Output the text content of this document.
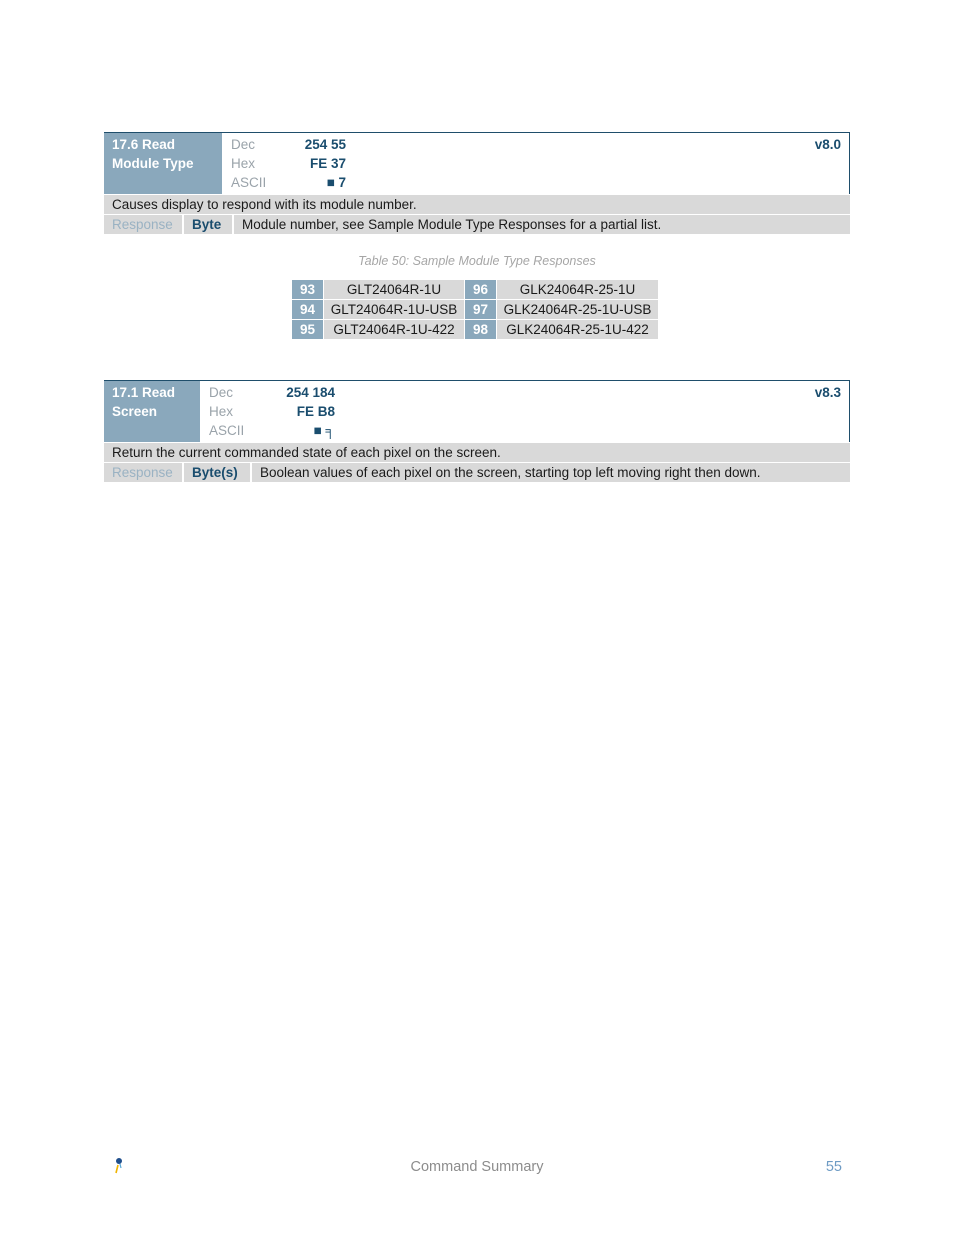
17.6 Read Module Type
Dec	254 55
Hex	FE 37
ASCII	■ 7
v8.0
Causes display to respond with its module number.
Response	Byte	Module number, see Sample Module Type Responses for a partial list.
Table 50: Sample Module Type Responses
93	GLT24064R-1U	96	GLK24064R-25-1U
94	GLT24064R-1U-USB	97	GLK24064R-25-1U-USB
95	GLT24064R-1U-422	98	GLK24064R-25-1U-422
17.1 Read Screen
Dec	254 184
Hex	FE B8
ASCII	■ ╕
v8.3
Return the current commanded state of each pixel on the screen.
Response	Byte(s)	Boolean values of each pixel on the screen, starting top left moving right then down.
Command Summary	55
